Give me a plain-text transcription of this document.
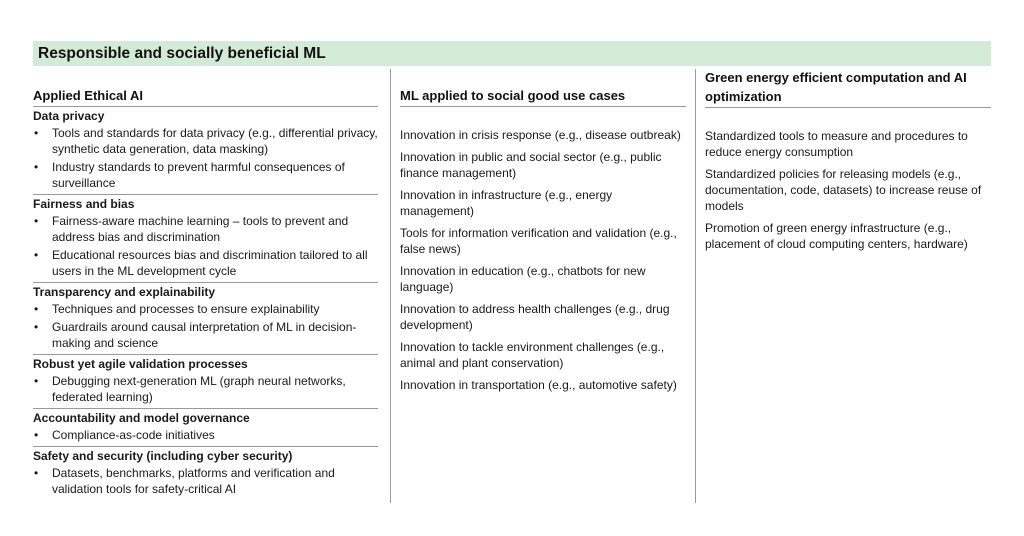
Responsible and socially beneficial ML
Applied Ethical AI
Data privacy
• Tools and standards for data privacy (e.g., differential privacy, synthetic data generation, data masking)
• Industry standards to prevent harmful consequences of surveillance
Fairness and bias
• Fairness-aware machine learning – tools to prevent and address bias and discrimination
• Educational resources bias and discrimination tailored to all users in the ML development cycle
Transparency and explainability
• Techniques and processes to ensure explainability
• Guardrails around causal interpretation of ML in decision-making and science
Robust yet agile validation processes
• Debugging next-generation ML (graph neural networks, federated learning)
Accountability and model governance
• Compliance-as-code initiatives
Safety and security (including cyber security)
• Datasets, benchmarks, platforms and verification and validation tools for safety-critical AI
ML applied to social good use cases
Innovation in crisis response (e.g., disease outbreak)
Innovation in public and social sector (e.g., public finance management)
Innovation in infrastructure (e.g., energy management)
Tools for information verification and validation (e.g., false news)
Innovation in education (e.g., chatbots for new language)
Innovation to address health challenges (e.g., drug development)
Innovation to tackle environment challenges (e.g., animal and plant conservation)
Innovation in transportation (e.g., automotive safety)
Green energy efficient computation and AI optimization
Standardized tools to measure and procedures to reduce energy consumption
Standardized policies for releasing models (e.g., documentation, code, datasets) to increase reuse of models
Promotion of green energy infrastructure (e.g., placement of cloud computing centers, hardware)
